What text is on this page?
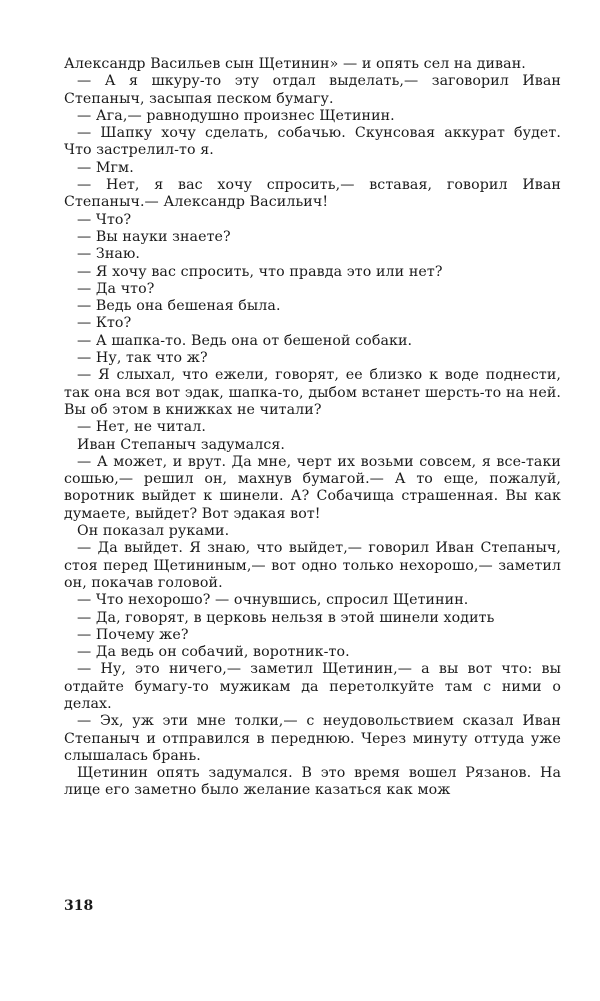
Александр Васильев сын Щетинин» — и опять сел на диван.

— А я шкуру-то эту отдал выделать,— заговорил Иван Степаныч, засыпая песком бумагу.

— Ага,— равнодушно произнес Щетинин.

— Шапку хочу сделать, собачью. Скунсовая аккурат будет. Что застрелил-то я.

— Мгм.

— Нет, я вас хочу спросить,— вставая, говорил Иван Степаныч.— Александр Васильич!

— Что?

— Вы науки знаете?

— Знаю.

— Я хочу вас спросить, что правда это или нет?

— Да что?

— Ведь она бешеная была.

— Кто?

— А шапка-то. Ведь она от бешеной собаки.

— Ну, так что ж?

— Я слыхал, что ежели, говорят, ее близко к воде поднести, так она вся вот эдак, шапка-то, дыбом встанет шерсть-то на ней. Вы об этом в книжках не читали?

— Нет, не читал.

Иван Степаныч задумался.

— А может, и врут. Да мне, черт их возьми совсем, я все-таки сошью,— решил он, махнув бумагой.— А то еще, пожалуй, воротник выйдет к шинели. А? Собачища страшенная. Вы как думаете, выйдет? Вот эдакая вот!

Он показал руками.

— Да выйдет. Я знаю, что выйдет,— говорил Иван Степаныч, стоя перед Щетининым,— вот одно только нехорошо,— заметил он, покачав головой.

— Что нехорошо? — очнувшись, спросил Щетинин.

— Да, говорят, в церковь нельзя в этой шинели ходить

— Почему же?

— Да ведь он собачий, воротник-то.

— Ну, это ничего,— заметил Щетинин,— а вы вот что: вы отдайте бумагу-то мужикам да перетолкуйте там с ними о делах.

— Эх, уж эти мне толки,— с неудовольствием сказал Иван Степаныч и отправился в переднюю. Через минуту оттуда уже слышалась брань.

Щетинин опять задумался. В это время вошел Рязанов. На лице его заметно было желание казаться как мож

318
